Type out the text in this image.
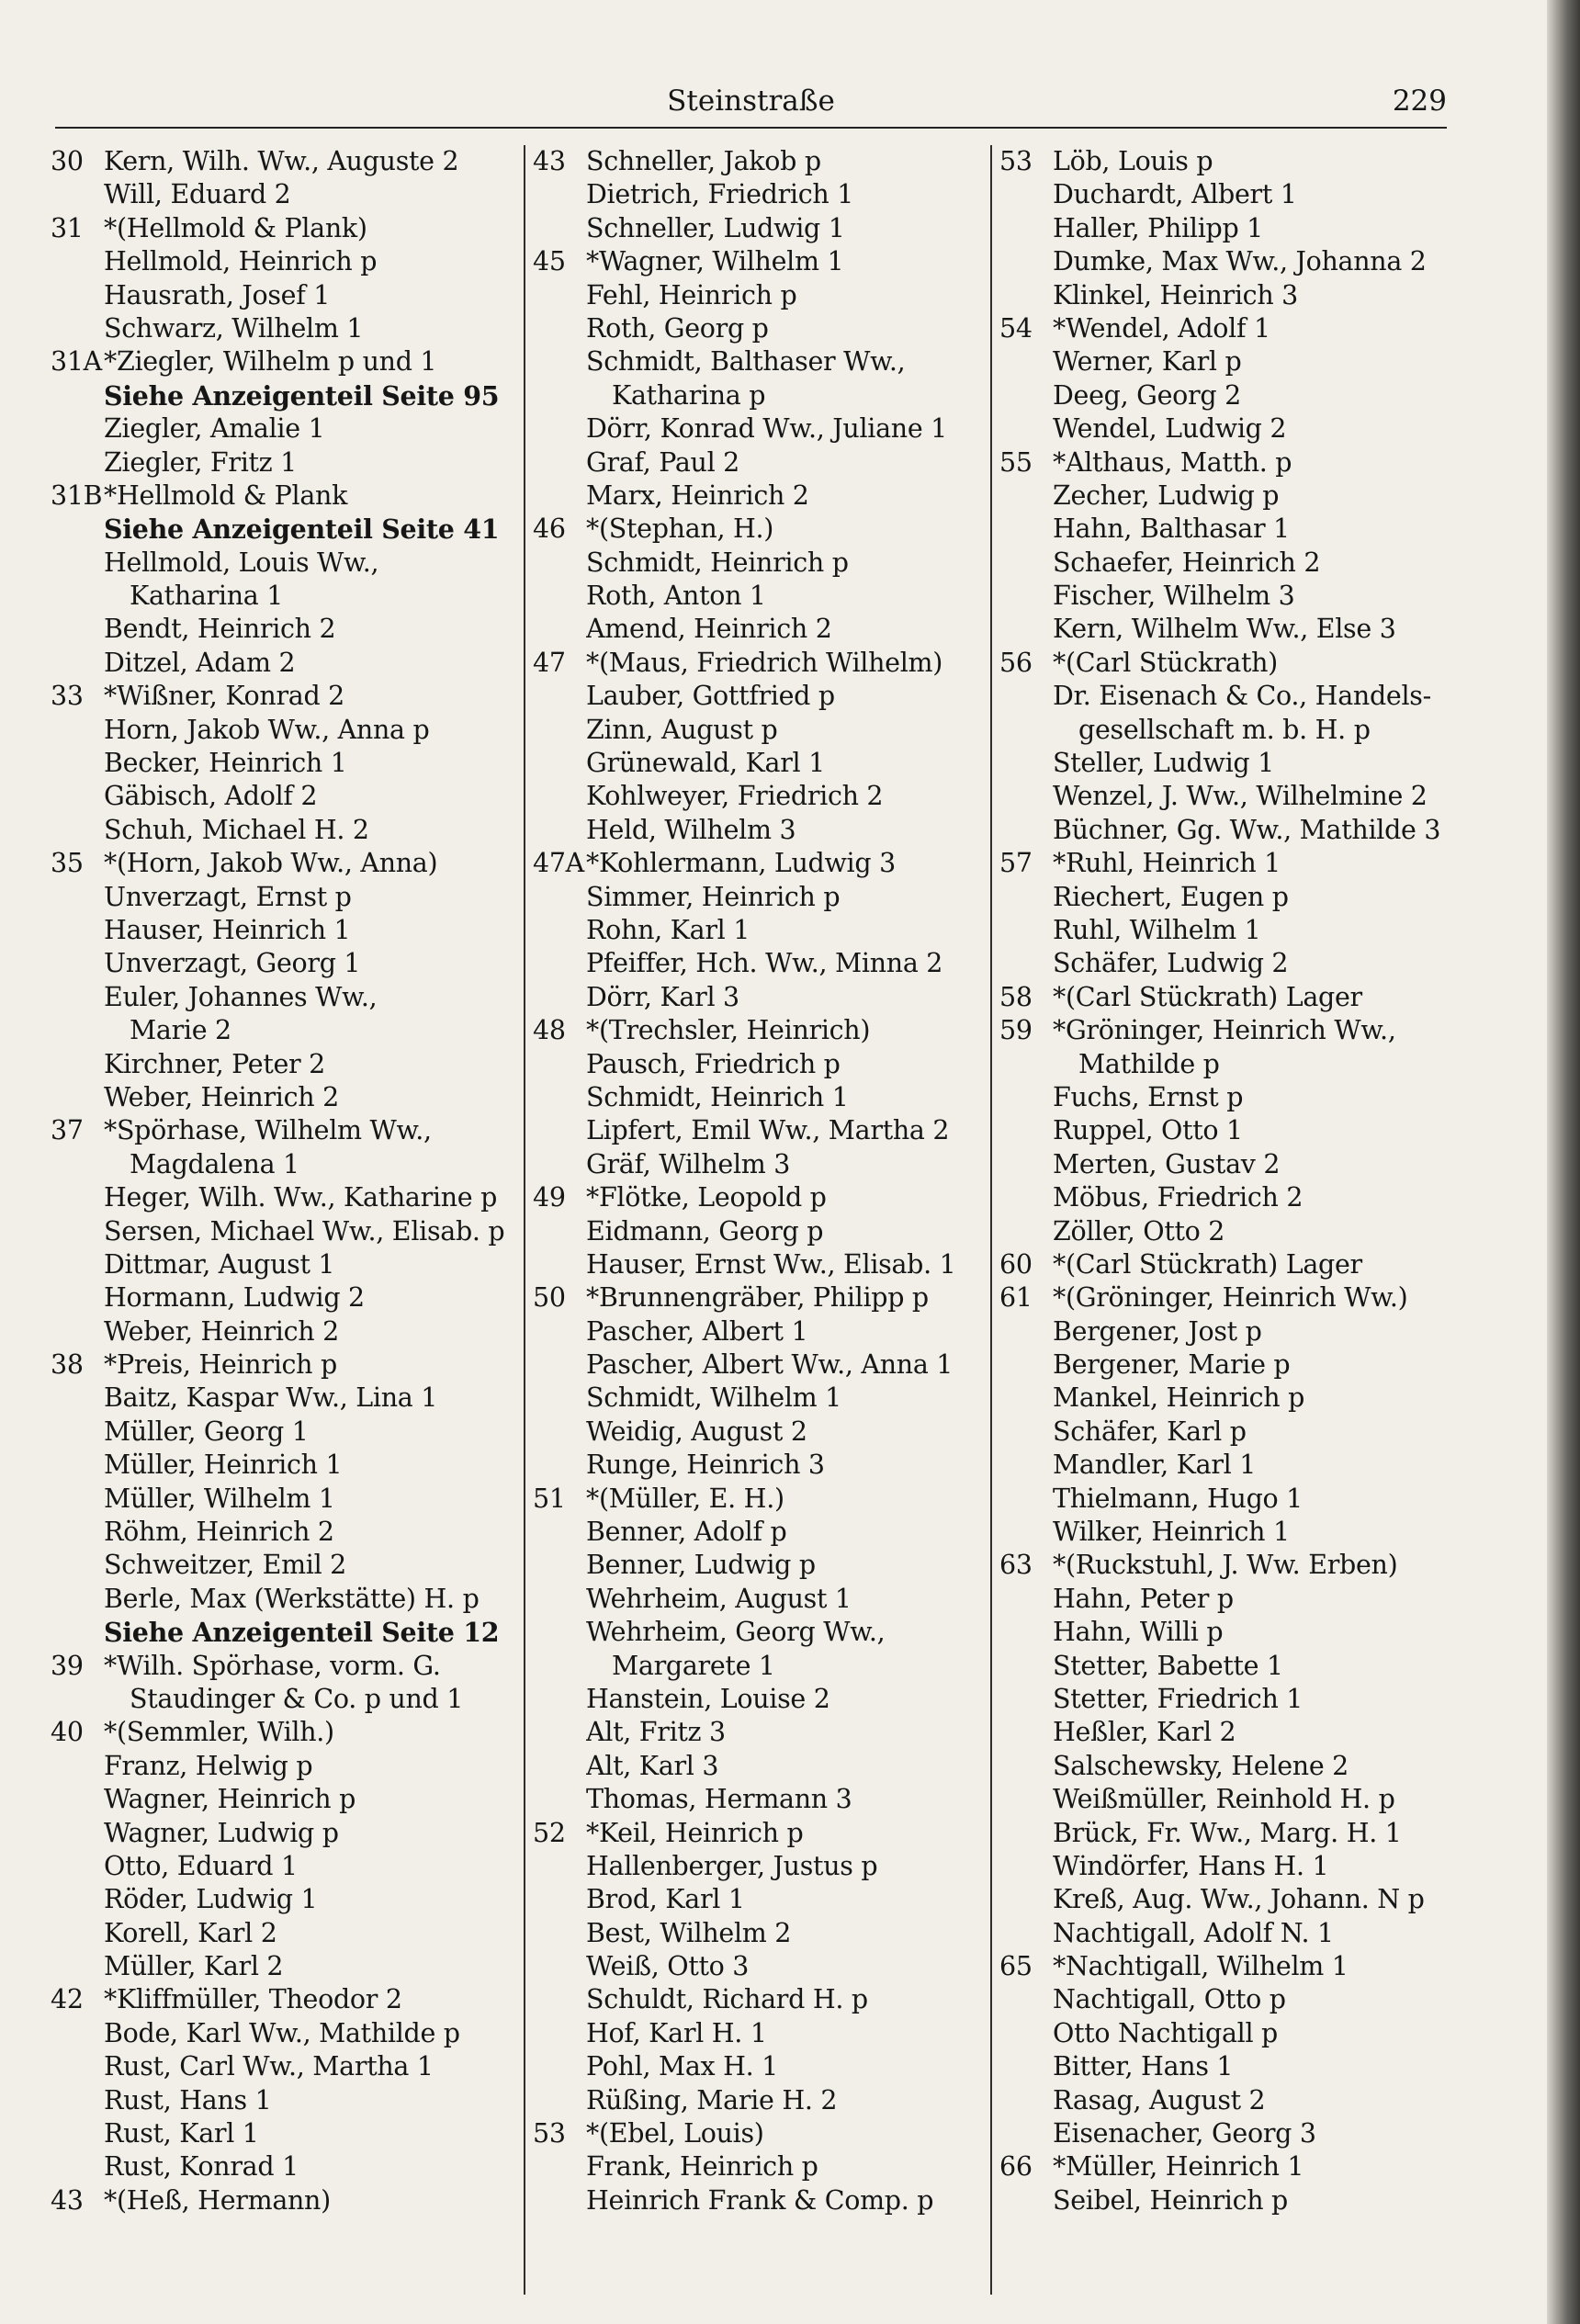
Steinstraße	229
30 Kern, Wilh. Ww., Auguste 2
Will, Eduard 2
31 *(Hellmold & Plank)
Hellmold, Heinrich p
Hausrath, Josef 1
Schwarz, Wilhelm 1
31A *Ziegler, Wilhelm p und 1
Siehe Anzeigenteil Seite 95
Ziegler, Amalie 1
Ziegler, Fritz 1
31B *Hellmold & Plank
Siehe Anzeigenteil Seite 41
Hellmold, Louis Ww.,
Katharina 1
Bendt, Heinrich 2
Ditzel, Adam 2
33 *Wißner, Konrad 2
Horn, Jakob Ww., Anna p
Becker, Heinrich 1
Gäbisch, Adolf 2
Schuh, Michael H. 2
35 *(Horn, Jakob Ww., Anna)
Unverzagt, Ernst p
Hauser, Heinrich 1
Unverzagt, Georg 1
Euler, Johannes Ww.,
Marie 2
Kirchner, Peter 2
Weber, Heinrich 2
37 *Spörhase, Wilhelm Ww.,
Magdalena 1
Heger, Wilh. Ww., Katharine p
Sersen, Michael Ww., Elisab. p
Dittmar, August 1
Hormann, Ludwig 2
Weber, Heinrich 2
38 *Preis, Heinrich p
Baitz, Kaspar Ww., Lina 1
Müller, Georg 1
Müller, Heinrich 1
Müller, Wilhelm 1
Röhm, Heinrich 2
Schweitzer, Emil 2
Berle, Max (Werkstätte) H. p
Siehe Anzeigenteil Seite 12
39 *Wilh. Spörhase, vorm. G.
Staudinger & Co. p und 1
40 *(Semmler, Wilh.)
Franz, Helwig p
Wagner, Heinrich p
Wagner, Ludwig p
Otto, Eduard 1
Röder, Ludwig 1
Korell, Karl 2
Müller, Karl 2
42 *Kliffmüller, Theodor 2
Bode, Karl Ww., Mathilde p
Rust, Carl Ww., Martha 1
Rust, Hans 1
Rust, Karl 1
Rust, Konrad 1
43 *(Heß, Hermann)
43 Schneller, Jakob p
Dietrich, Friedrich 1
Schneller, Ludwig 1
45 *Wagner, Wilhelm 1
Fehl, Heinrich p
Roth, Georg p
Schmidt, Balthaser Ww.,
Katharina p
Dörr, Konrad Ww., Juliane 1
Graf, Paul 2
Marx, Heinrich 2
46 *(Stephan, H.)
Schmidt, Heinrich p
Roth, Anton 1
Amend, Heinrich 2
47 *(Maus, Friedrich Wilhelm)
Lauber, Gottfried p
Zinn, August p
Grünewald, Karl 1
Kohlweyer, Friedrich 2
Held, Wilhelm 3
47A *Kohlermann, Ludwig 3
Simmer, Heinrich p
Rohn, Karl 1
Pfeiffer, Hch. Ww., Minna 2
Dörr, Karl 3
48 *(Trechsler, Heinrich)
Pausch, Friedrich p
Schmidt, Heinrich 1
Lipfert, Emil Ww., Martha 2
Gräf, Wilhelm 3
49 *Flötke, Leopold p
Eidmann, Georg p
Hauser, Ernst Ww., Elisab. 1
50 *Brunnengräber, Philipp p
Pascher, Albert 1
Pascher, Albert Ww., Anna 1
Schmidt, Wilhelm 1
Weidig, August 2
Runge, Heinrich 3
51 *(Müller, E. H.)
Benner, Adolf p
Benner, Ludwig p
Wehrheim, August 1
Wehrheim, Georg Ww.,
Margarete 1
Hanstein, Louise 2
Alt, Fritz 3
Alt, Karl 3
Thomas, Hermann 3
52 *Keil, Heinrich p
Hallenberger, Justus p
Brod, Karl 1
Best, Wilhelm 2
Weiß, Otto 3
Schuldt, Richard H. p
Hof, Karl H. 1
Pohl, Max H. 1
Rüßing, Marie H. 2
53 *(Ebel, Louis)
Frank, Heinrich p
Heinrich Frank & Comp. p
53 Löb, Louis p
Duchardt, Albert 1
Haller, Philipp 1
Dumke, Max Ww., Johanna 2
Klinkel, Heinrich 3
54 *Wendel, Adolf 1
Werner, Karl p
Deeg, Georg 2
Wendel, Ludwig 2
55 *Althaus, Matth. p
Zecher, Ludwig p
Hahn, Balthasar 1
Schaefer, Heinrich 2
Fischer, Wilhelm 3
Kern, Wilhelm Ww., Else 3
56 *(Carl Stückrath)
Dr. Eisenach & Co., Handels-
gesellschaft m. b. H. p
Steller, Ludwig 1
Wenzel, J. Ww., Wilhelmine 2
Büchner, Gg. Ww., Mathilde 3
57 *Ruhl, Heinrich 1
Riechert, Eugen p
Ruhl, Wilhelm 1
Schäfer, Ludwig 2
58 *(Carl Stückrath) Lager
59 *Gröninger, Heinrich Ww.,
Mathilde p
Fuchs, Ernst p
Ruppel, Otto 1
Merten, Gustav 2
Möbus, Friedrich 2
Zöller, Otto 2
60 *(Carl Stückrath) Lager
61 *(Gröninger, Heinrich Ww.)
Bergener, Jost p
Bergener, Marie p
Mankel, Heinrich p
Schäfer, Karl p
Mandler, Karl 1
Thielmann, Hugo 1
Wilker, Heinrich 1
63 *(Ruckstuhl, J. Ww. Erben)
Hahn, Peter p
Hahn, Willi p
Stetter, Babette 1
Stetter, Friedrich 1
Heßler, Karl 2
Salschewsky, Helene 2
Weißmüller, Reinhold H. p
Brück, Fr. Ww., Marg. H. 1
Windörfer, Hans H. 1
Kreß, Aug. Ww., Johann. N p
Nachtigall, Adolf N. 1
65 *Nachtigall, Wilhelm 1
Nachtigall, Otto p
Otto Nachtigall p
Bitter, Hans 1
Rasag, August 2
Eisenacher, Georg 3
66 *Müller, Heinrich 1
Seibel, Heinrich p
